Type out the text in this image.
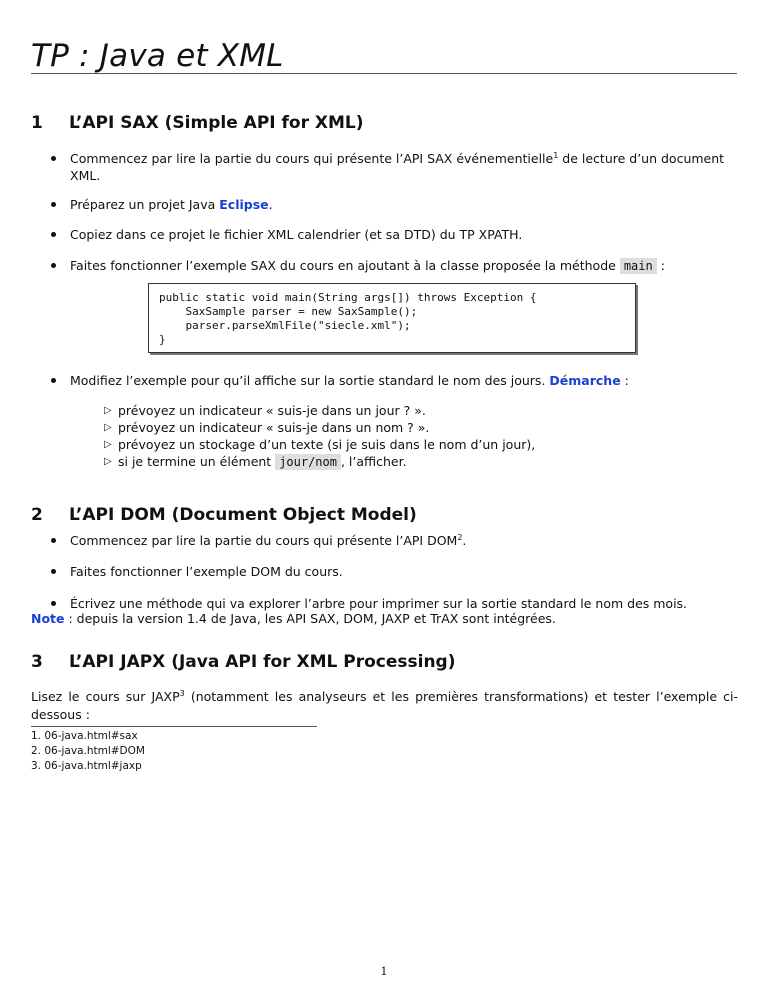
TP : Java et XML
1 L’API SAX (Simple API for XML)
Commencez par lire la partie du cours qui présente l’API SAX événementielle$^1$ de lecture d’un document XML.
Préparez un projet Java Eclipse.
Copiez dans ce projet le fichier XML calendrier (et sa DTD) du TP XPATH.
Faites fonctionner l’exemple SAX du cours en ajoutant à la classe proposée la méthode main :
public static void main(String args[]) throws Exception {
SaxSample parser = new SaxSample();
parser.parseXmlFile("siecle.xml");
}
Modifiez l’exemple pour qu’il affiche sur la sortie standard le nom des jours. Démarche :
▷ prévoyez un indicateur « suis-je dans un jour ? ».
▷ prévoyez un indicateur « suis-je dans un nom ? ».
▷ prévoyez un stockage d’un texte (si je suis dans le nom d’un jour),
▷ si je termine un élément jour/nom , l’afficher.
2 L’API DOM (Document Object Model)
Commencez par lire la partie du cours qui présente l’API DOM$^2$.
Faites fonctionner l’exemple DOM du cours.
Écrivez une méthode qui va explorer l’arbre pour imprimer sur la sortie standard le nom des mois.
Note : depuis la version 1.4 de Java, les API SAX, DOM, JAXP et TrAX sont intégrées.
3 L’API JAPX (Java API for XML Processing)
Lisez le cours sur JAXP$^3$ (notamment les analyseurs et les premières transformations) et tester l’exemple ci-dessous :
1. 06-java.html#sax
2. 06-java.html#DOM
3. 06-java.html#jaxp
1
